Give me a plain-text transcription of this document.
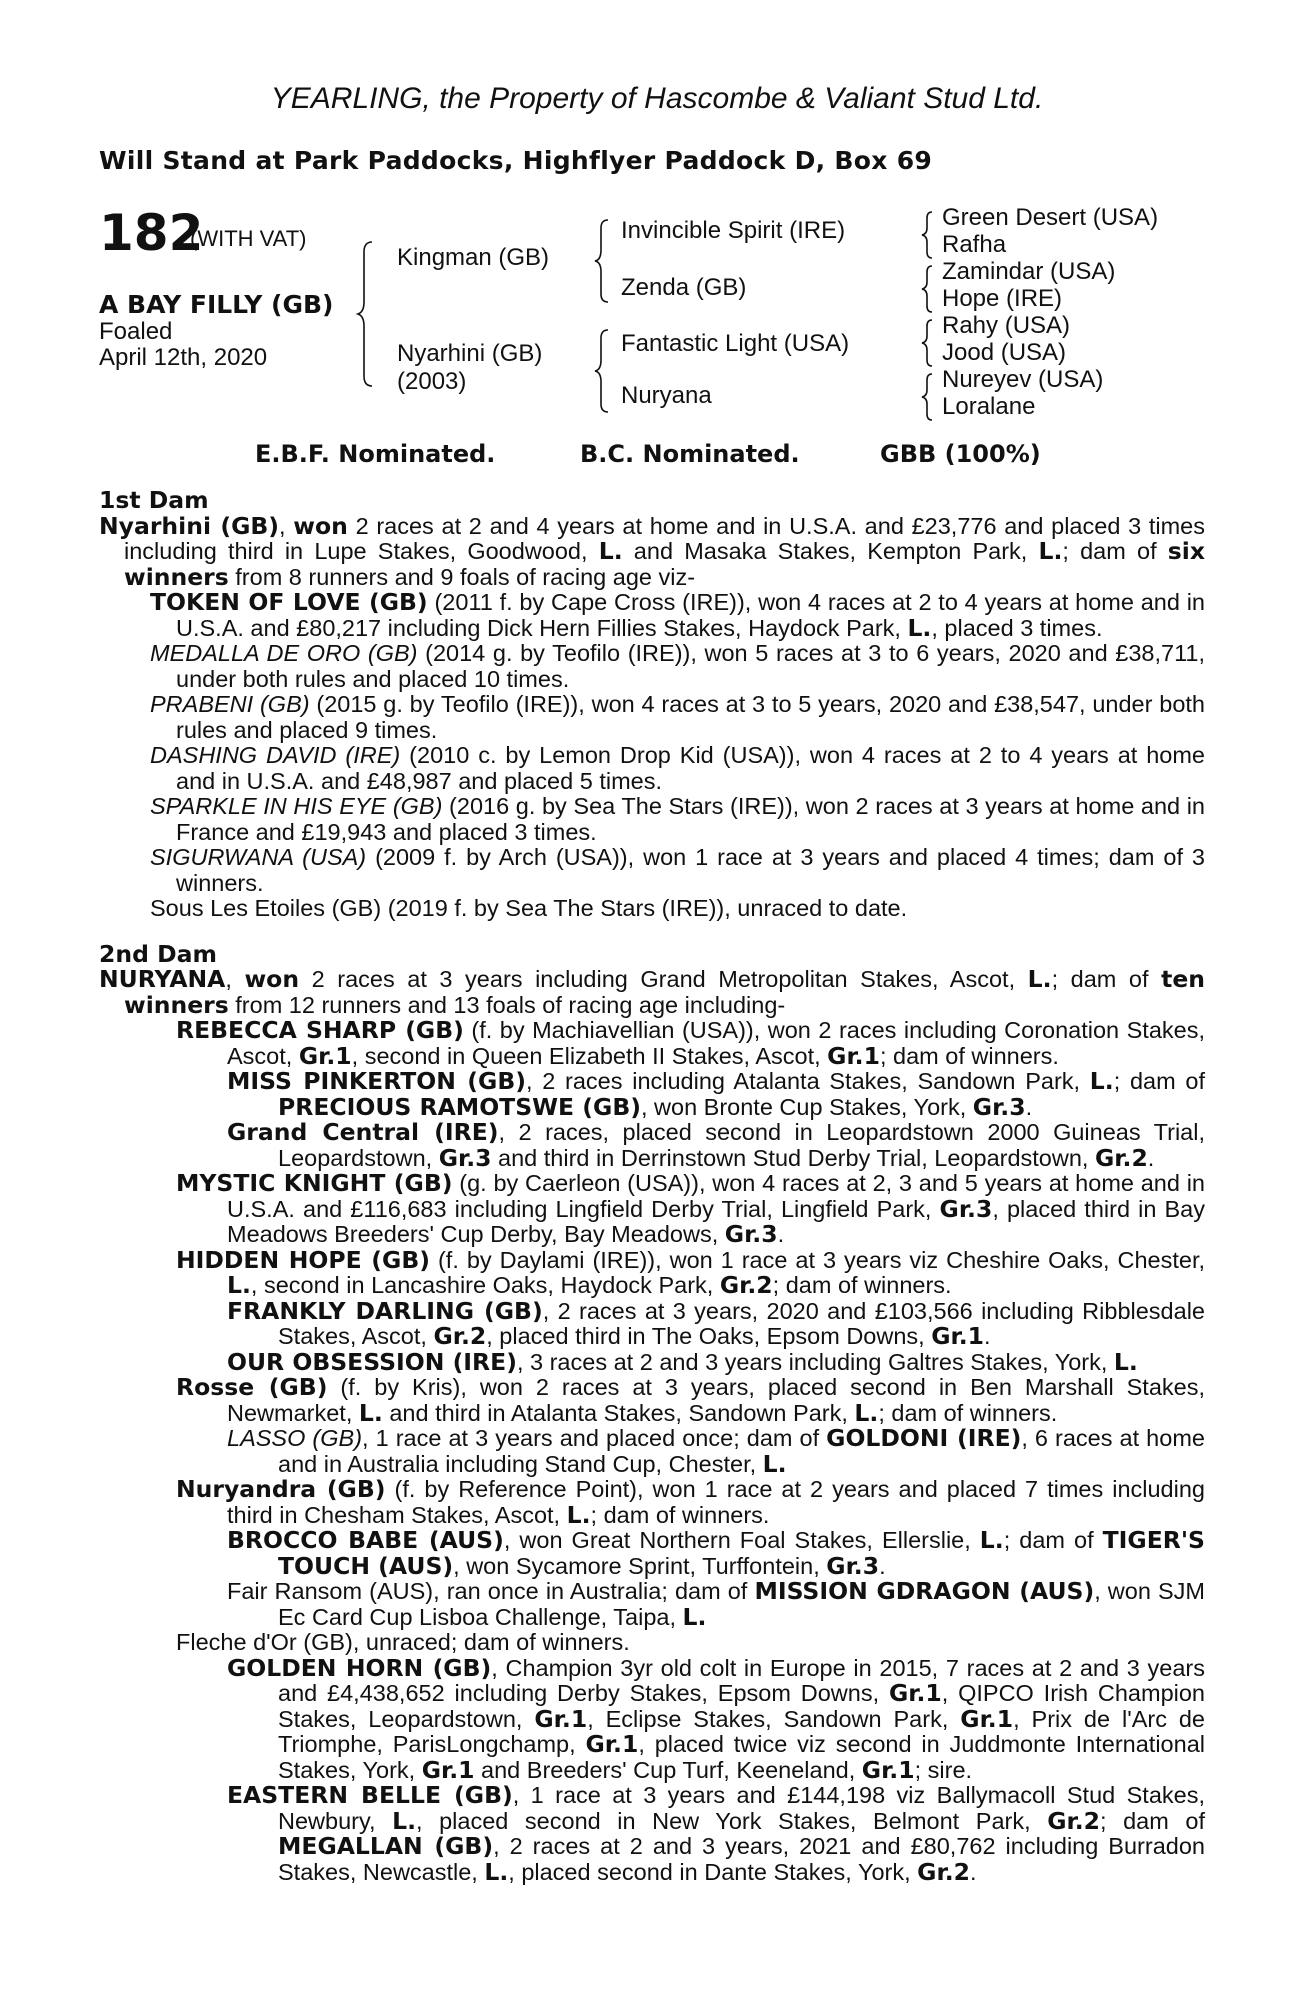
YEARLING, the Property of Hascombe & Valiant Stud Ltd.
Will Stand at Park Paddocks, Highflyer Paddock D, Box 69
182
(WITH VAT)
A BAY FILLY (GB)
Foaled
April 12th, 2020
Kingman (GB)
Nyarhini (GB)
(2003)
Invincible Spirit (IRE)
Zenda (GB)
Fantastic Light (USA)
Nuryana
Green Desert (USA)
Rafha
Zamindar (USA)
Hope (IRE)
Rahy (USA)
Jood (USA)
Nureyev (USA)
Loralane
E.B.F. Nominated.	B.C. Nominated.	GBB (100%)
1st Dam

Nyarhini (GB), won 2 races at 2 and 4 years at home and in U.S.A. and £23,776 and placed 3 times including third in Lupe Stakes, Goodwood, L. and Masaka Stakes, Kempton Park, L.; dam of six winners from 8 runners and 9 foals of racing age viz-

TOKEN OF LOVE (GB) (2011 f. by Cape Cross (IRE)), won 4 races at 2 to 4 years at home and in U.S.A. and £80,217 including Dick Hern Fillies Stakes, Haydock Park, L., placed 3 times.

MEDALLA DE ORO (GB) (2014 g. by Teofilo (IRE)), won 5 races at 3 to 6 years, 2020 and £38,711, under both rules and placed 10 times.

PRABENI (GB) (2015 g. by Teofilo (IRE)), won 4 races at 3 to 5 years, 2020 and £38,547, under both rules and placed 9 times.

DASHING DAVID (IRE) (2010 c. by Lemon Drop Kid (USA)), won 4 races at 2 to 4 years at home and in U.S.A. and £48,987 and placed 5 times.

SPARKLE IN HIS EYE (GB) (2016 g. by Sea The Stars (IRE)), won 2 races at 3 years at home and in France and £19,943 and placed 3 times.

SIGURWANA (USA) (2009 f. by Arch (USA)), won 1 race at 3 years and placed 4 times; dam of 3 winners.

Sous Les Etoiles (GB) (2019 f. by Sea The Stars (IRE)), unraced to date.

2nd Dam

NURYANA, won 2 races at 3 years including Grand Metropolitan Stakes, Ascot, L.; dam of ten winners from 12 runners and 13 foals of racing age including-

REBECCA SHARP (GB) (f. by Machiavellian (USA)), won 2 races including Coronation Stakes, Ascot, Gr.1, second in Queen Elizabeth II Stakes, Ascot, Gr.1; dam of winners.

MISS PINKERTON (GB), 2 races including Atalanta Stakes, Sandown Park, L.; dam of PRECIOUS RAMOTSWE (GB), won Bronte Cup Stakes, York, Gr.3.

Grand Central (IRE), 2 races, placed second in Leopardstown 2000 Guineas Trial, Leopardstown, Gr.3 and third in Derrinstown Stud Derby Trial, Leopardstown, Gr.2.

MYSTIC KNIGHT (GB) (g. by Caerleon (USA)), won 4 races at 2, 3 and 5 years at home and in U.S.A. and £116,683 including Lingfield Derby Trial, Lingfield Park, Gr.3, placed third in Bay Meadows Breeders' Cup Derby, Bay Meadows, Gr.3.

HIDDEN HOPE (GB) (f. by Daylami (IRE)), won 1 race at 3 years viz Cheshire Oaks, Chester, L., second in Lancashire Oaks, Haydock Park, Gr.2; dam of winners.

FRANKLY DARLING (GB), 2 races at 3 years, 2020 and £103,566 including Ribblesdale Stakes, Ascot, Gr.2, placed third in The Oaks, Epsom Downs, Gr.1.

OUR OBSESSION (IRE), 3 races at 2 and 3 years including Galtres Stakes, York, L.

Rosse (GB) (f. by Kris), won 2 races at 3 years, placed second in Ben Marshall Stakes, Newmarket, L. and third in Atalanta Stakes, Sandown Park, L.; dam of winners.

LASSO (GB), 1 race at 3 years and placed once; dam of GOLDONI (IRE), 6 races at home and in Australia including Stand Cup, Chester, L.

Nuryandra (GB) (f. by Reference Point), won 1 race at 2 years and placed 7 times including third in Chesham Stakes, Ascot, L.; dam of winners.

BROCCO BABE (AUS), won Great Northern Foal Stakes, Ellerslie, L.; dam of TIGER'S TOUCH (AUS), won Sycamore Sprint, Turffontein, Gr.3.

Fair Ransom (AUS), ran once in Australia; dam of MISSION GDRAGON (AUS), won SJM Ec Card Cup Lisboa Challenge, Taipa, L.

Fleche d'Or (GB), unraced; dam of winners.

GOLDEN HORN (GB), Champion 3yr old colt in Europe in 2015, 7 races at 2 and 3 years and £4,438,652 including Derby Stakes, Epsom Downs, Gr.1, QIPCO Irish Champion Stakes, Leopardstown, Gr.1, Eclipse Stakes, Sandown Park, Gr.1, Prix de l'Arc de Triomphe, ParisLongchamp, Gr.1, placed twice viz second in Juddmonte International Stakes, York, Gr.1 and Breeders' Cup Turf, Keeneland, Gr.1; sire.

EASTERN BELLE (GB), 1 race at 3 years and £144,198 viz Ballymacoll Stud Stakes, Newbury, L., placed second in New York Stakes, Belmont Park, Gr.2; dam of MEGALLAN (GB), 2 races at 2 and 3 years, 2021 and £80,762 including Burradon Stakes, Newcastle, L., placed second in Dante Stakes, York, Gr.2.
